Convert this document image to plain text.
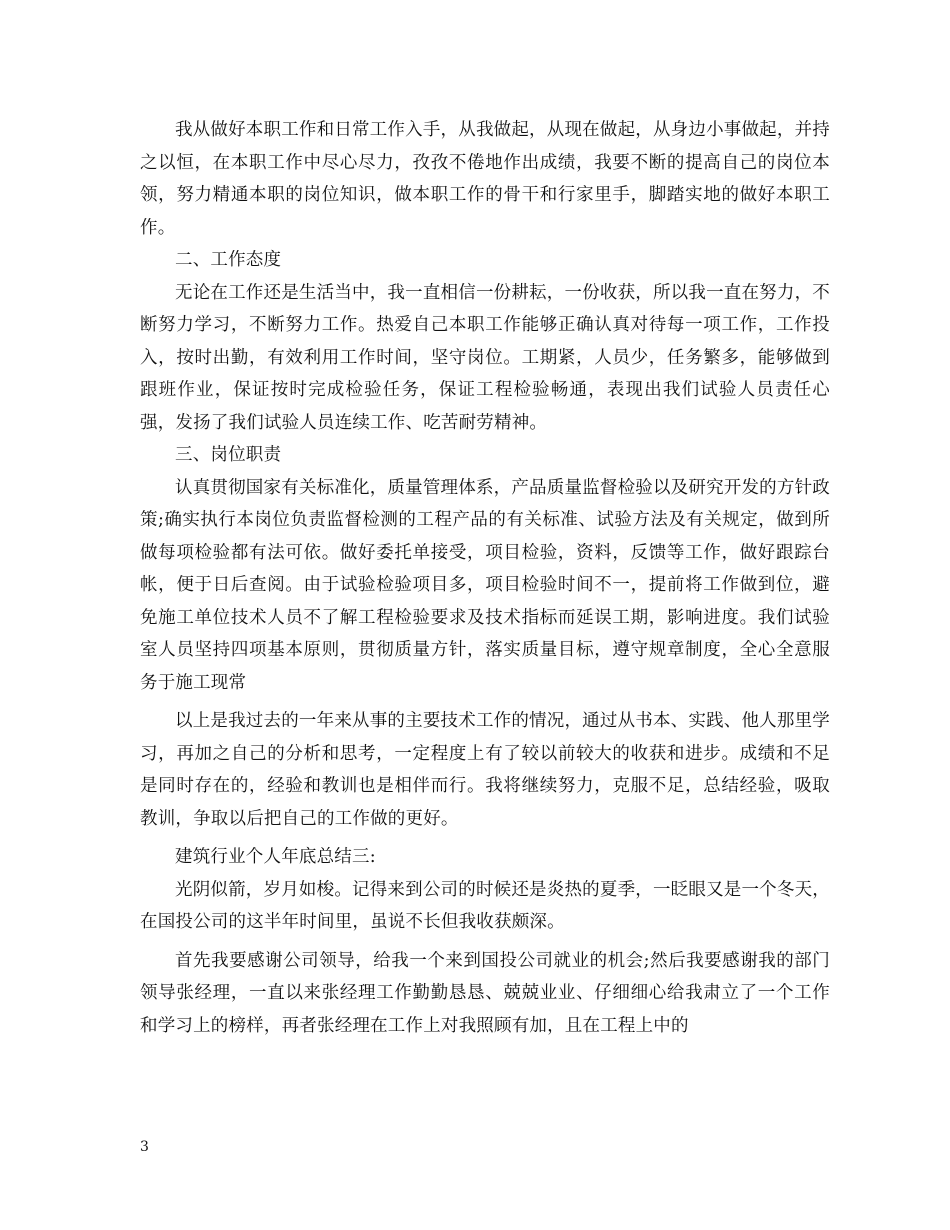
我从做好本职工作和日常工作入手，从我做起，从现在做起，从身边小事做起，并持之以恒，在本职工作中尽心尽力，孜孜不倦地作出成绩，我要不断的提高自己的岗位本领，努力精通本职的岗位知识，做本职工作的骨干和行家里手，脚踏实地的做好本职工作。

二、工作态度

无论在工作还是生活当中，我一直相信一份耕耘，一份收获，所以我一直在努力，不断努力学习，不断努力工作。热爱自己本职工作能够正确认真对待每一项工作，工作投入，按时出勤，有效利用工作时间，坚守岗位。工期紧，人员少，任务繁多，能够做到跟班作业，保证按时完成检验任务，保证工程检验畅通，表现出我们试验人员责任心强，发扬了我们试验人员连续工作、吃苦耐劳精神。

三、岗位职责

认真贯彻国家有关标准化，质量管理体系，产品质量监督检验以及研究开发的方针政策;确实执行本岗位负责监督检测的工程产品的有关标准、试验方法及有关规定，做到所做每项检验都有法可依。做好委托单接受，项目检验，资料，反馈等工作，做好跟踪台帐，便于日后查阅。由于试验检验项目多，项目检验时间不一，提前将工作做到位，避免施工单位技术人员不了解工程检验要求及技术指标而延误工期，影响进度。我们试验室人员坚持四项基本原则，贯彻质量方针，落实质量目标，遵守规章制度，全心全意服务于施工现常

以上是我过去的一年来从事的主要技术工作的情况，通过从书本、实践、他人那里学习，再加之自己的分析和思考，一定程度上有了较以前较大的收获和进步。成绩和不足是同时存在的，经验和教训也是相伴而行。我将继续努力，克服不足，总结经验，吸取教训，争取以后把自己的工作做的更好。

建筑行业个人年底总结三:

光阴似箭，岁月如梭。记得来到公司的时候还是炎热的夏季，一眨眼又是一个冬天，在国投公司的这半年时间里，虽说不长但我收获颇深。

首先我要感谢公司领导，给我一个来到国投公司就业的机会;然后我要感谢我的部门领导张经理，一直以来张经理工作勤勤恳恳、兢兢业业、仔细细心给我肃立了一个工作和学习上的榜样，再者张经理在工作上对我照顾有加，且在工程上中的

3
